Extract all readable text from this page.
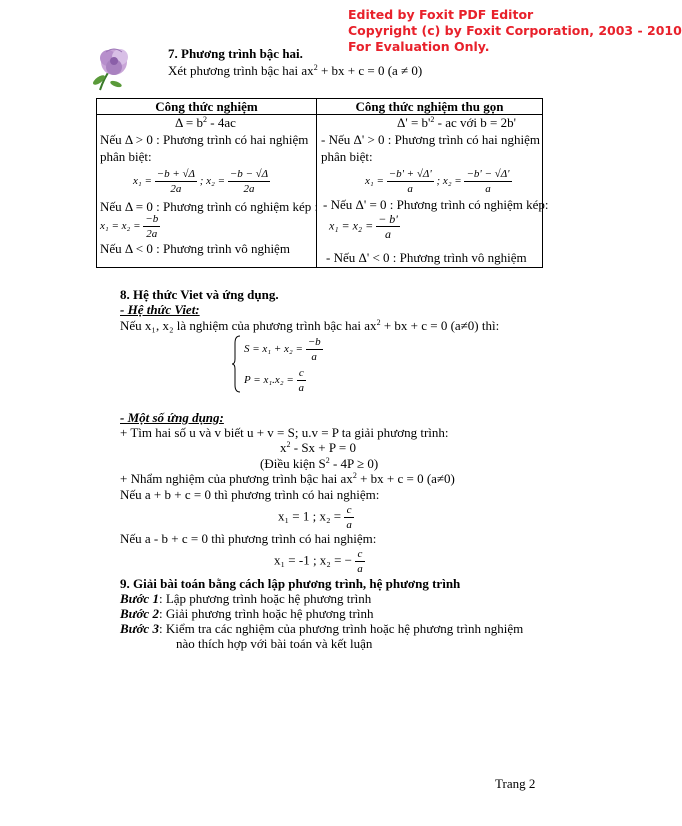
Edited by Foxit PDF Editor
Copyright (c) by Foxit Corporation, 2003 - 2010
For Evaluation Only.
7. Phương trình bậc hai.
Xét phương trình bậc hai $ax^2$ + bx + c = 0 (a ≠ 0)
Công thức nghiệm	Công thức nghiệm thu gọn
$\Delta = b^2 - 4ac$
Nếu Δ > 0 : Phương trình có hai nghiệm
phân biệt:
$x_1 = \frac{-b + √\Delta}{2a}$ ; $x_2 = \frac{-b - √\Delta}{2a}$
Nếu Δ = 0 : Phương trình có nghiệm kép :
$x_1 = x_2 = \frac{-b}{2a}$
Nếu Δ < 0 : Phương trình vô nghiệm
$\Delta' = b'^2$ - ac với b = 2b'
- Nếu Δ' > 0 : Phương trình có hai nghiệm
phân biệt:
$x_1 = \frac{-b' + √\Delta'}{a}$ ; $x_2 = \frac{-b' - √\Delta'}{a}$
- Nếu Δ' = 0 : Phương trình có nghiệm kép:
$x_1 = x_2 = \frac{- b'}{a}$
- Nếu Δ' < 0 : Phương trình vô nghiệm
8. Hệ thức Viet và ứng dụng.
- Hệ thức Viet:
Nếu x₁, x₂ là nghiệm của phương trình bậc hai $ax^2$ + bx + c = 0 (a≠0) thì:
$S = x_1 + x_2 = \frac{-b}{a}$
$P = x_1.x_2 = \frac{c}{a}$
- Một số ứng dụng:
+ Tìm hai số u và v biết u + v = S; u.v = P ta giải phương trình:
$x^2 - Sx + P = 0$
(Điều kiện $S^2 - 4P \ge 0$)
+ Nhẩm nghiệm của phương trình bậc hai $ax^2$ + bx + c = 0 (a≠0)
Nếu a + b + c = 0 thì phương trình có hai nghiệm:
x₁ = 1 ; $x_2 = \frac{c}{a}$
Nếu a - b + c = 0 thì phương trình có hai nghiệm:
x₁ = -1 ; x₂ = − $\frac{c}{a}$
9. Giải bài toán bằng cách lập phương trình, hệ phương trình
Bước 1: Lập phương trình hoặc hệ phương trình
Bước 2: Giải phương trình hoặc hệ phương trình
Bước 3: Kiểm tra các nghiệm của phương trình hoặc hệ phương trình nghiệm
nào thích hợp với bài toán và kết luận
Trang 2
